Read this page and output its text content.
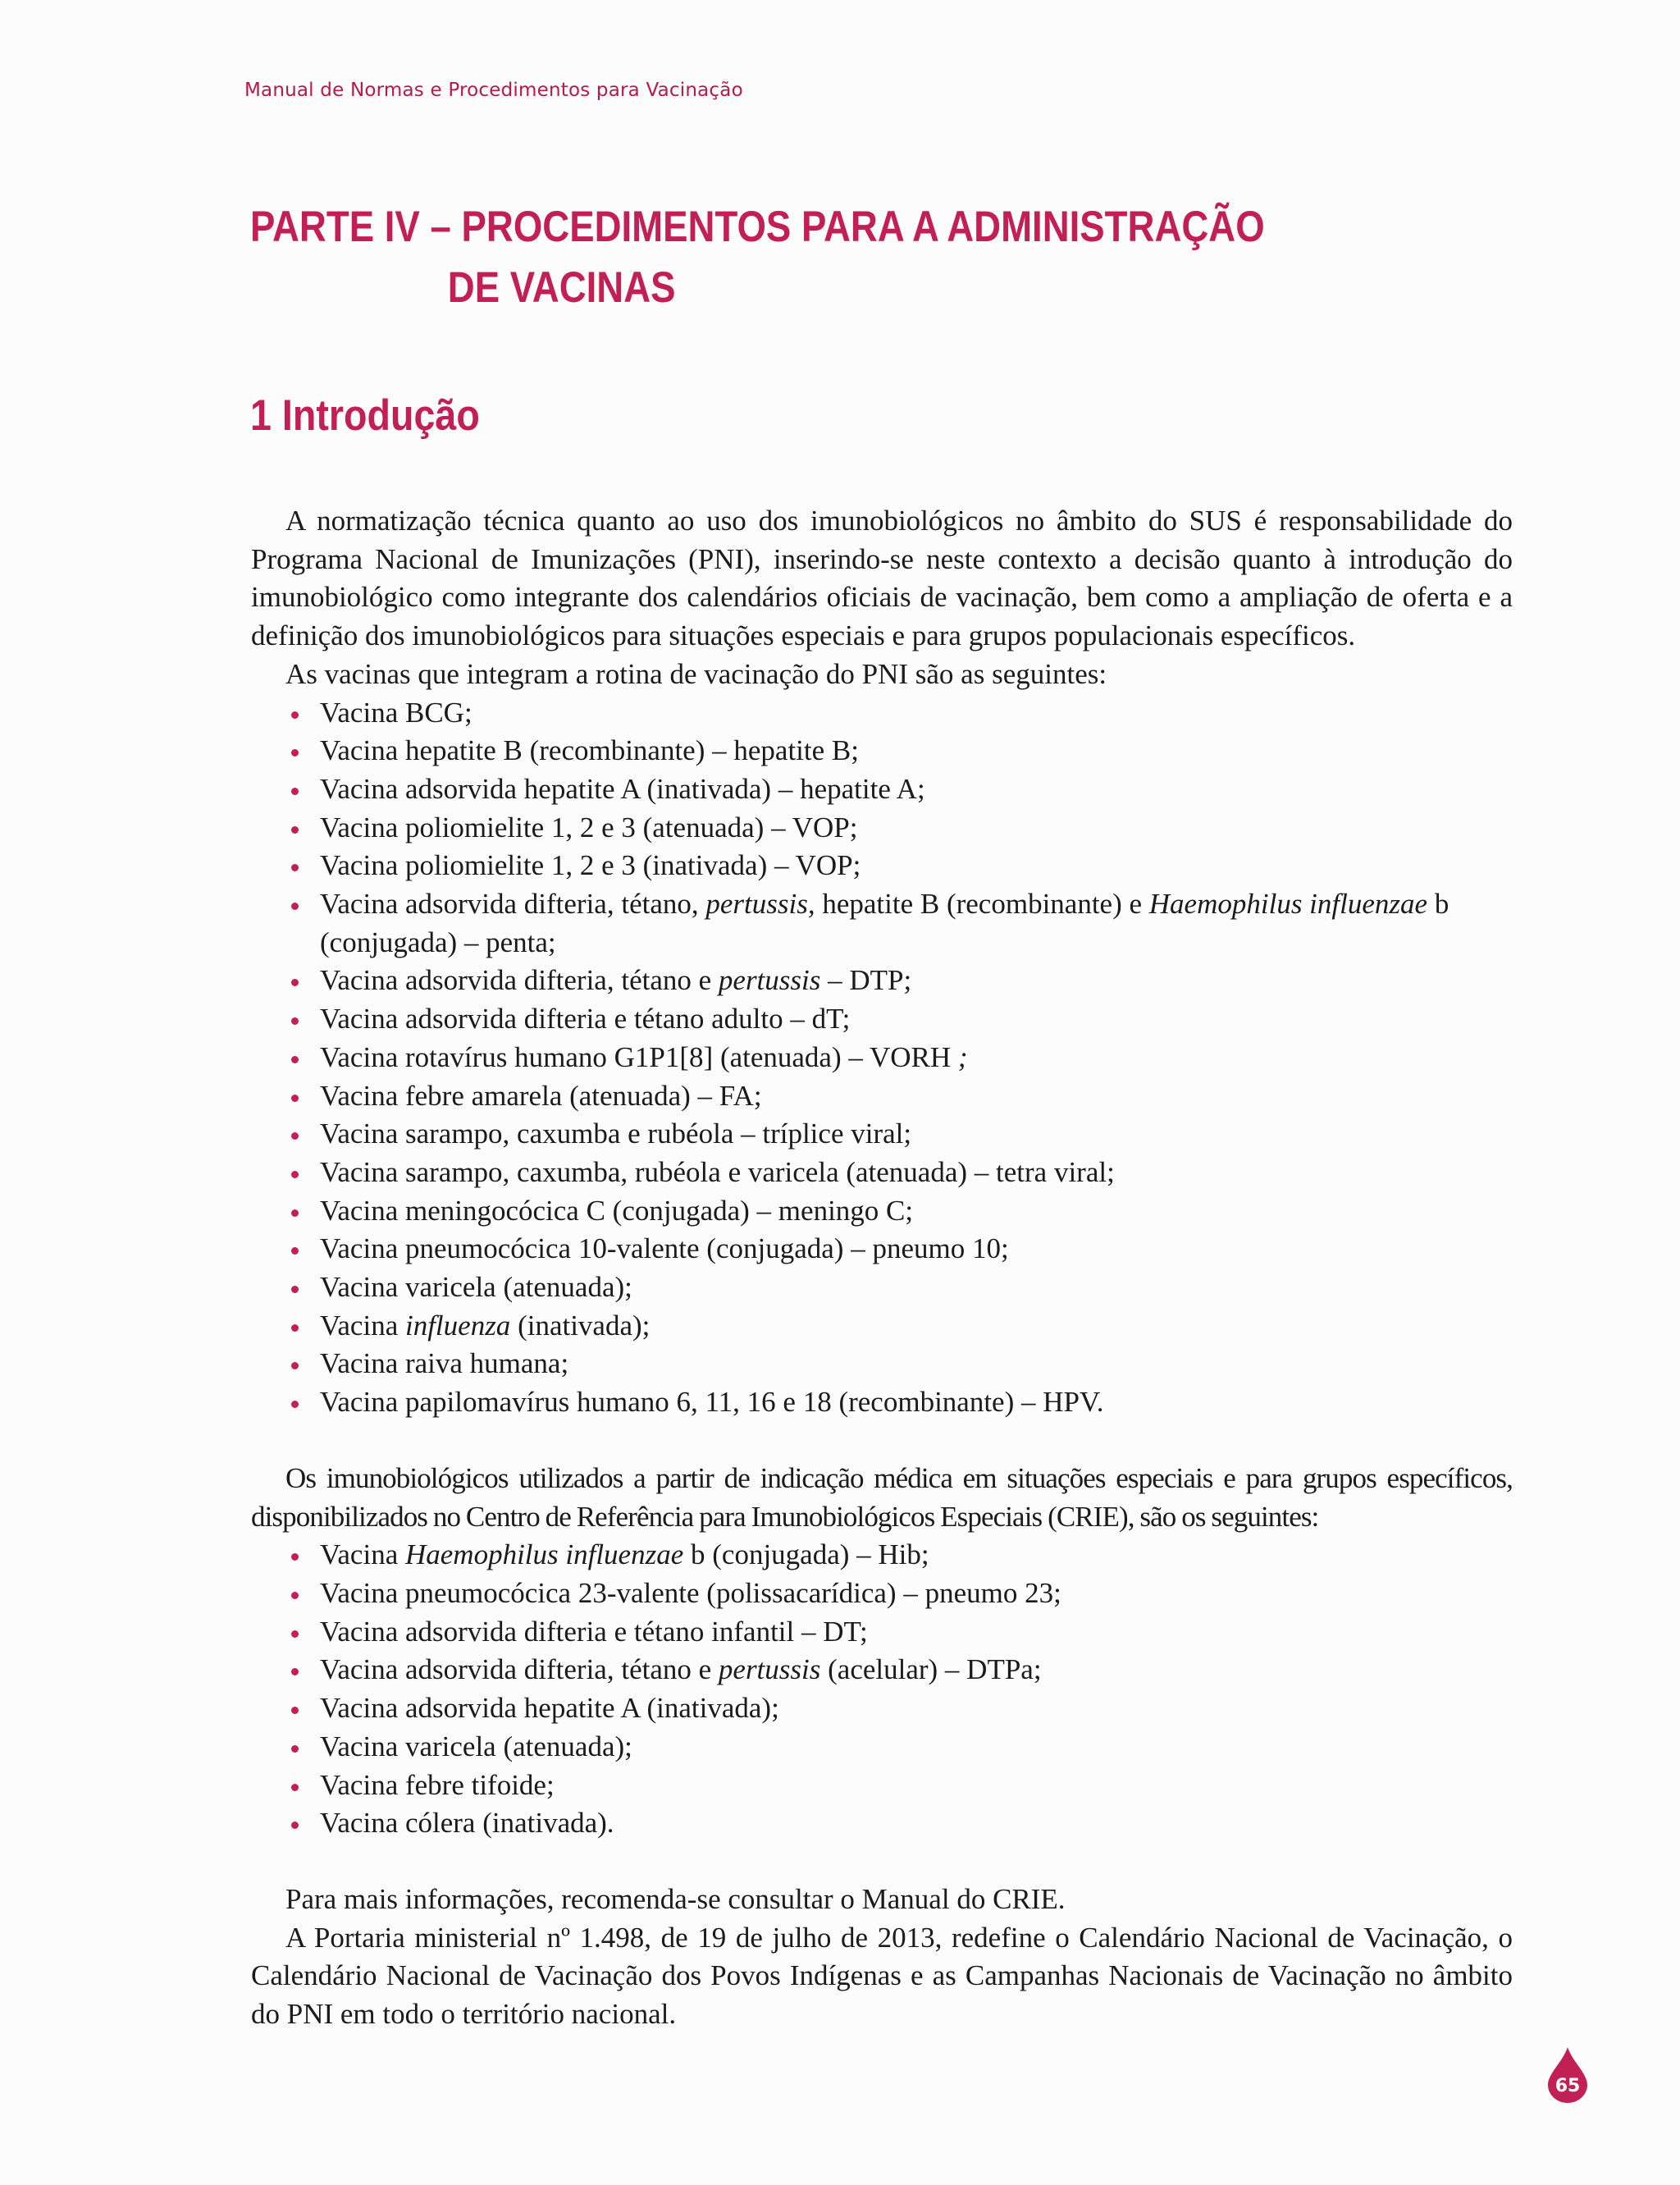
Manual de Normas e Procedimentos para Vacinação
PARTE IV – PROCEDIMENTOS PARA A ADMINISTRAÇÃO
DE VACINAS
1 Introdução

A normatização técnica quanto ao uso dos imunobiológicos no âmbito do SUS é responsabilidade do Programa Nacional de Imunizações (PNI), inserindo-se neste contexto a decisão quanto à introdução do imunobiológico como integrante dos calendários oficiais de vacinação, bem como a ampliação de oferta e a definição dos imunobiológicos para situações especiais e para grupos populacionais específicos.

As vacinas que integram a rotina de vacinação do PNI são as seguintes:

Vacina BCG;
Vacina hepatite B (recombinante) – hepatite B;
Vacina adsorvida hepatite A (inativada) – hepatite A;
Vacina poliomielite 1, 2 e 3 (atenuada) – VOP;
Vacina poliomielite 1, 2 e 3 (inativada) – VOP;
Vacina adsorvida difteria, tétano, pertussis, hepatite B (recombinante) e Haemophilus influenzae b (conjugada) – penta;
Vacina adsorvida difteria, tétano e pertussis – DTP;
Vacina adsorvida difteria e tétano adulto – dT;
Vacina rotavírus humano G1P1[8] (atenuada) – VORH ;
Vacina febre amarela (atenuada) – FA;
Vacina sarampo, caxumba e rubéola – tríplice viral;
Vacina sarampo, caxumba, rubéola e varicela (atenuada) – tetra viral;
Vacina meningocócica C (conjugada) – meningo C;
Vacina pneumocócica 10-valente (conjugada) – pneumo 10;
Vacina varicela (atenuada);
Vacina influenza (inativada);
Vacina raiva humana;
Vacina papilomavírus humano 6, 11, 16 e 18 (recombinante) – HPV.

Os imunobiológicos utilizados a partir de indicação médica em situações especiais e para grupos específicos, disponibilizados no Centro de Referência para Imunobiológicos Especiais (CRIE), são os seguintes:

Vacina Haemophilus influenzae b (conjugada) – Hib;
Vacina pneumocócica 23-valente (polissacarídica) – pneumo 23;
Vacina adsorvida difteria e tétano infantil – DT;
Vacina adsorvida difteria, tétano e pertussis (acelular) – DTPa;
Vacina adsorvida hepatite A (inativada);
Vacina varicela (atenuada);
Vacina febre tifoide;
Vacina cólera (inativada).

Para mais informações, recomenda-se consultar o Manual do CRIE.

A Portaria ministerial nº 1.498, de 19 de julho de 2013, redefine o Calendário Nacional de Vacinação, o Calendário Nacional de Vacinação dos Povos Indígenas e as Campanhas Nacionais de Vacinação no âmbito do PNI em todo o território nacional.

65
